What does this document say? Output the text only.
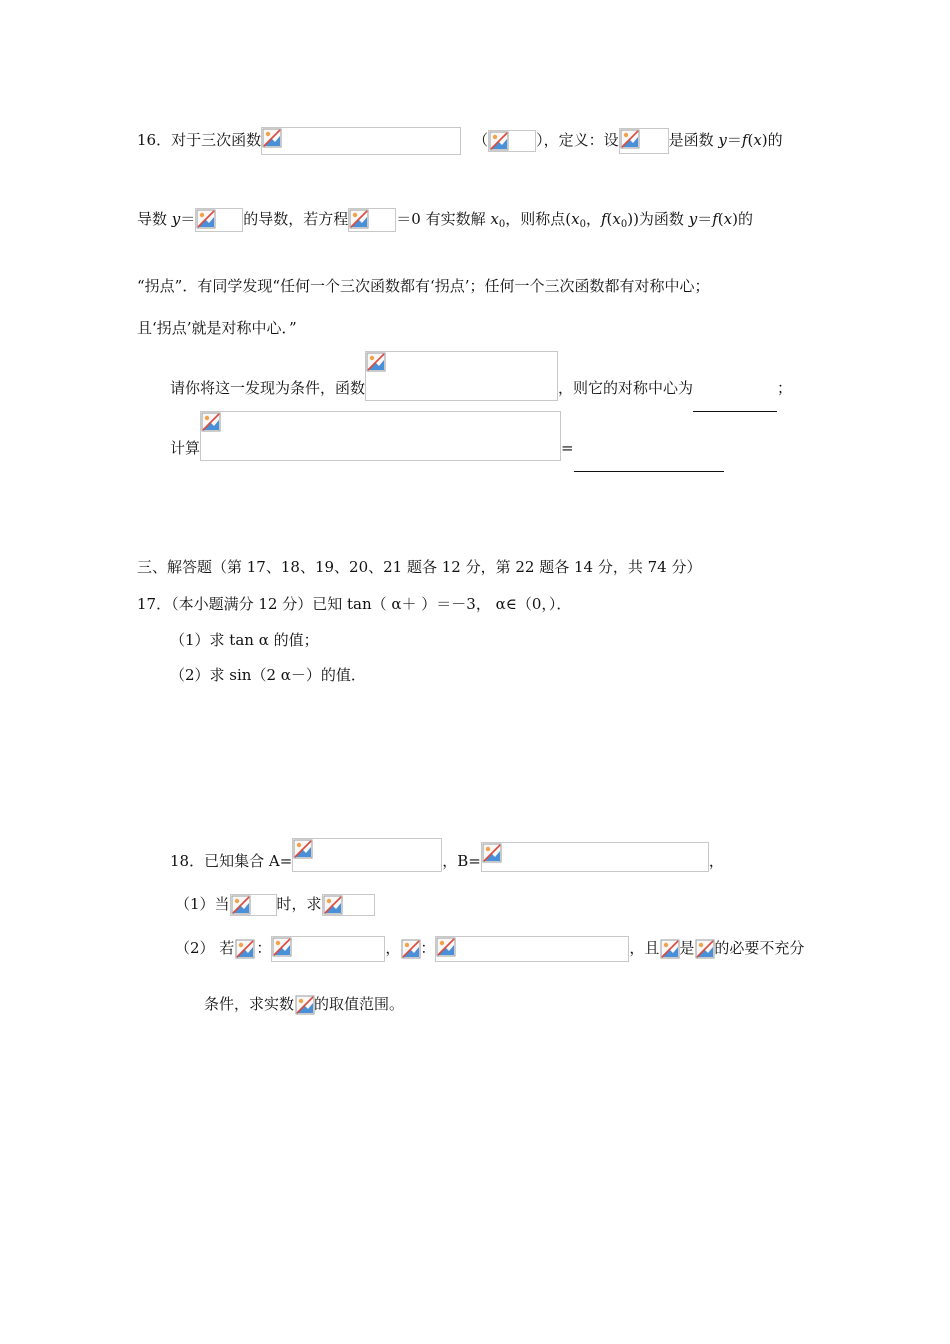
16．对于三次函数	（	），定义：设	是函数 y＝f(x)的
导数 y＝	的导数，若方程	＝0 有实数解 $x_0$，则称点($x_0$，$f(x_0)$)为函数 y＝f(x)的
“拐点”．有同学发现“任何一个三次函数都有‘拐点’；任何一个三次函数都有对称中心；
且‘拐点’就是对称中心．”
请你将这一发现为条件，函数	，则它的对称中心为	；
计算	=
三、解答题（第 17、18、19、20、21 题各 12 分，第 22 题各 14 分，共 74 分）
17．（本小题满分 12 分）已知 tan（ α＋ ）＝－3， α∈（0，）．
（1）求 tan α 的值；
（2）求 sin（2 α－）的值．
18．已知集合 A=	，B=	，
（1）当	时，求
（2） 若 ：	， ：	，且 是 的必要不充分
条件，求实数 的取值范围。
